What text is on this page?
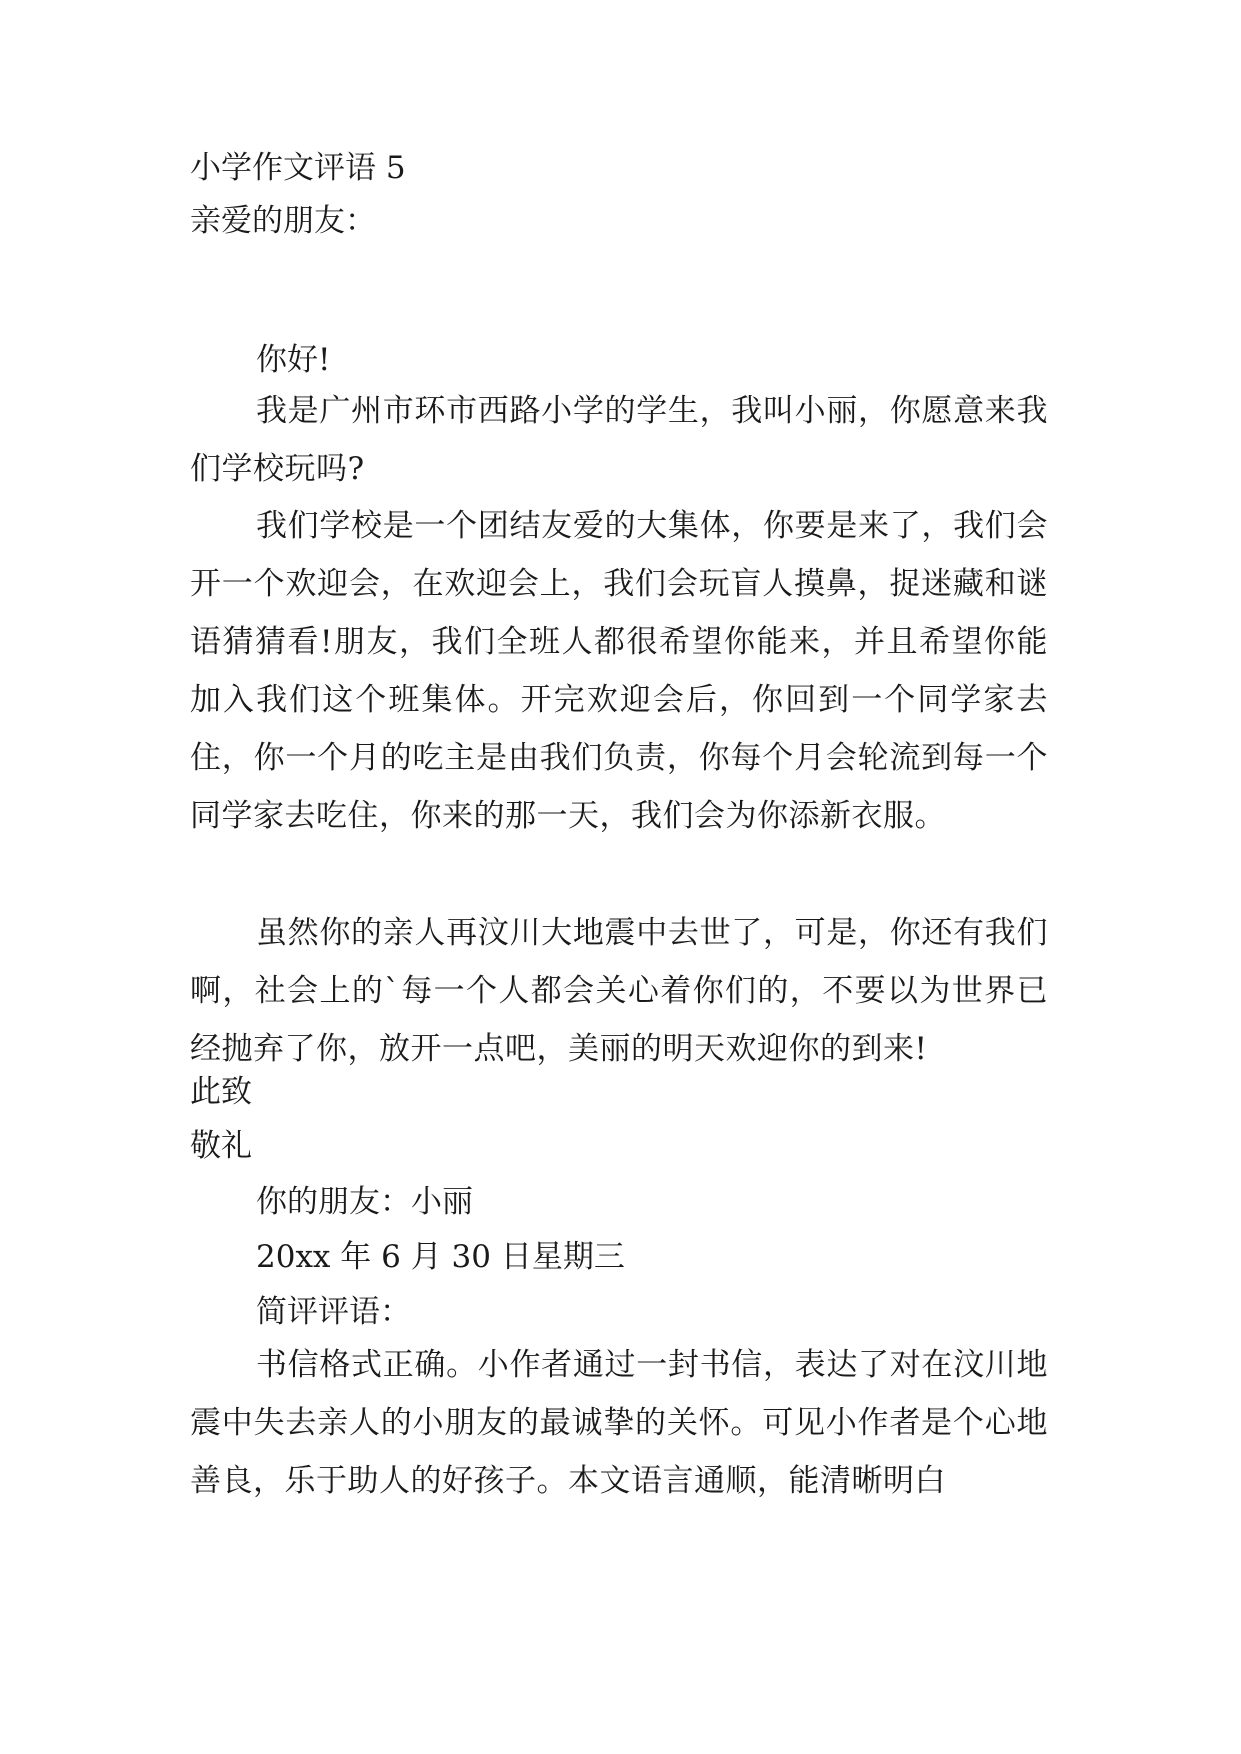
小学作文评语 5
亲爱的朋友：
你好!
我是广州市环市西路小学的学生，我叫小丽，你愿意来我们学校玩吗?
我们学校是一个团结友爱的大集体，你要是来了，我们会开一个欢迎会，在欢迎会上，我们会玩盲人摸鼻，捉迷藏和谜语猜猜看!朋友，我们全班人都很希望你能来，并且希望你能加入我们这个班集体。开完欢迎会后，你回到一个同学家去住，你一个月的吃主是由我们负责，你每个月会轮流到每一个同学家去吃住，你来的那一天，我们会为你添新衣服。
虽然你的亲人再汶川大地震中去世了，可是，你还有我们啊，社会上的`每一个人都会关心着你们的，不要以为世界已经抛弃了你，放开一点吧，美丽的明天欢迎你的到来!
此致
敬礼
你的朋友：小丽
20xx 年 6 月 30 日星期三
简评评语：
书信格式正确。小作者通过一封书信，表达了对在汶川地震中失去亲人的小朋友的最诚挚的关怀。可见小作者是个心地善良，乐于助人的好孩子。本文语言通顺，能清晰明白
